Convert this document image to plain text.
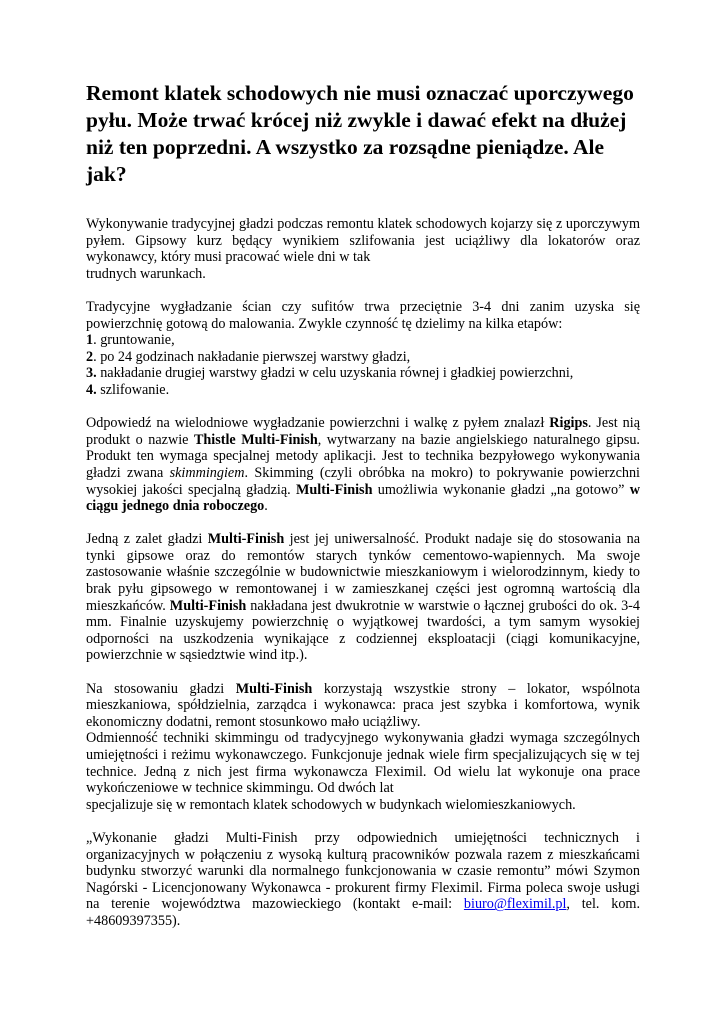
Remont klatek schodowych nie musi oznaczać uporczywego pyłu. Może trwać krócej niż zwykle i dawać efekt na dłużej niż ten poprzedni. A wszystko za rozsądne pieniądze. Ale jak?

Wykonywanie tradycyjnej gładzi podczas remontu klatek schodowych kojarzy się z uporczywym pyłem. Gipsowy kurz będący wynikiem szlifowania jest uciążliwy dla lokatorów oraz wykonawcy, który musi pracować wiele dni w tak
trudnych warunkach.

Tradycyjne wygładzanie ścian czy sufitów trwa przeciętnie 3-4 dni zanim uzyska się powierzchnię gotową do malowania. Zwykle czynność tę dzielimy na kilka etapów:

1. gruntowanie,
2. po 24 godzinach nakładanie pierwszej warstwy gładzi,
3. nakładanie drugiej warstwy gładzi w celu uzyskania równej i gładkiej powierzchni,
4. szlifowanie.

Odpowiedź na wielodniowe wygładzanie powierzchni i walkę z pyłem znalazł Rigips. Jest nią produkt o nazwie Thistle Multi-Finish, wytwarzany na bazie angielskiego naturalnego gipsu. Produkt ten wymaga specjalnej metody aplikacji. Jest to technika bezpyłowego wykonywania gładzi zwana skimmingiem. Skimming (czyli obróbka na mokro) to pokrywanie powierzchni wysokiej jakości specjalną gładzią. Multi-Finish umożliwia wykonanie gładzi „na gotowo” w ciągu jednego dnia roboczego.

Jedną z zalet gładzi Multi-Finish jest jej uniwersalność. Produkt nadaje się do stosowania na tynki gipsowe oraz do remontów starych tynków cementowo-wapiennych. Ma swoje zastosowanie właśnie szczególnie w budownictwie mieszkaniowym i wielorodzinnym, kiedy to brak pyłu gipsowego w remontowanej i w zamieszkanej części jest ogromną wartością dla mieszkańców. Multi-Finish nakładana jest dwukrotnie w warstwie o łącznej grubości do ok. 3-4 mm. Finalnie uzyskujemy powierzchnię o wyjątkowej twardości, a tym samym wysokiej odporności na uszkodzenia wynikające z codziennej eksploatacji (ciągi komunikacyjne, powierzchnie w sąsiedztwie wind itp.).

Na stosowaniu gładzi Multi-Finish korzystają wszystkie strony – lokator, wspólnota mieszkaniowa, spółdzielnia, zarządca i wykonawca: praca jest szybka i komfortowa, wynik ekonomiczny dodatni, remont stosunkowo mało uciążliwy.

Odmienność techniki skimmingu od tradycyjnego wykonywania gładzi wymaga szczególnych umiejętności i reżimu wykonawczego. Funkcjonuje jednak wiele firm specjalizujących się w tej technice. Jedną z nich jest firma wykonawcza Fleximil. Od wielu lat wykonuje ona prace wykończeniowe w technice skimmingu. Od dwóch lat
specjalizuje się w remontach klatek schodowych w budynkach wielomieszkaniowych.

„Wykonanie gładzi Multi-Finish przy odpowiednich umiejętności technicznych i organizacyjnych w połączeniu z wysoką kulturą pracowników pozwala razem z mieszkańcami budynku stworzyć warunki dla normalnego funkcjonowania w czasie remontu” mówi Szymon Nagórski - Licencjonowany Wykonawca - prokurent firmy Fleximil. Firma poleca swoje usługi na terenie województwa mazowieckiego (kontakt e-mail: biuro@fleximil.pl, tel. kom. +48609397355).
